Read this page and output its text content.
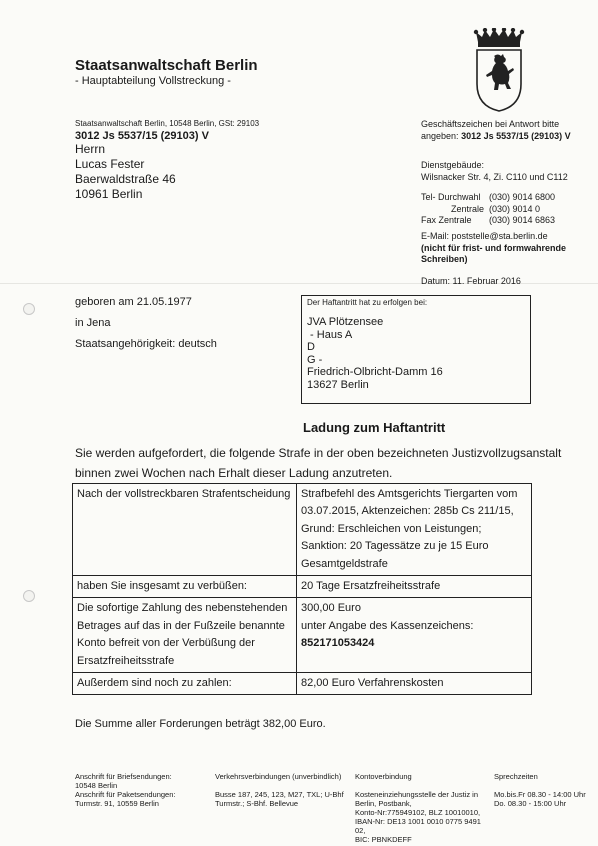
Staatsanwaltschaft Berlin
- Hauptabteilung Vollstreckung -
Staatsanwaltschaft Berlin, 10548 Berlin, GSt: 29103
3012 Js 5537/15 (29103) V
Herrn
Lucas Fester
Baerwaldstraße 46
10961 Berlin
Geschäftszeichen bei Antwort bitte
angeben: 3012 Js 5537/15 (29103) V
Dienstgebäude:
Wilsnacker Str. 4, Zi. C110 und C112
Tel- Durchwahl (030) 9014 6800
Zentrale (030) 9014 0
Fax Zentrale	(030) 9014 6863
E-Mail: poststelle@sta.berlin.de
(nicht für frist- und formwahrende
Schreiben)
Datum: 11. Februar 2016
geboren am 21.05.1977
in Jena
Staatsangehörigkeit: deutsch
Der Haftantritt hat zu erfolgen bei:
JVA Plötzensee
- Haus A
D
G -
Friedrich-Olbricht-Damm 16
13627 Berlin
Ladung zum Haftantritt
Sie werden aufgefordert, die folgende Strafe in der oben bezeichneten Justizvollzugsanstalt
binnen zwei Wochen nach Erhalt dieser Ladung anzutreten.
Nach der vollstreckbaren Strafentscheidung	Strafbefehl des Amtsgerichts Tiergarten vom
03.07.2015, Aktenzeichen: 285b Cs 211/15,
Grund: Erschleichen von Leistungen;
Sanktion: 20 Tagessätze zu je 15 Euro
Gesamtgeldstrafe

haben Sie insgesamt zu verbüßen:	20 Tage Ersatzfreiheitsstrafe

Die sofortige Zahlung des nebenstehenden
Betrages auf das in der Fußzeile benannte
Konto befreit von der Verbüßung der
Ersatzfreiheitsstrafe	300,00 Euro
unter Angabe des Kassenzeichens:
852171053424

Außerdem sind noch zu zahlen:	82,00 Euro Verfahrenskosten
Die Summe aller Forderungen beträgt 382,00 Euro.
Anschrift für Briefsendungen:
10548 Berlin
Anschrift für Paketsendungen:
Turmstr. 91, 10559 Berlin
Verkehrsverbindungen (unverbindlich)
Busse 187, 245, 123, M27, TXL; U-Bhf
Turmstr.; S-Bhf. Bellevue
Kontoverbindung
Kosteneinziehungsstelle der Justiz in
Berlin, Postbank,
Konto-Nr:775949102, BLZ 10010010,
IBAN-Nr: DE13 1001 0010 0775 9491 02,
BIC: PBNKDEFF
Sprechzeiten
Mo.bis.Fr 08.30 - 14:00 Uhr
Do. 08.30 - 15:00 Uhr
